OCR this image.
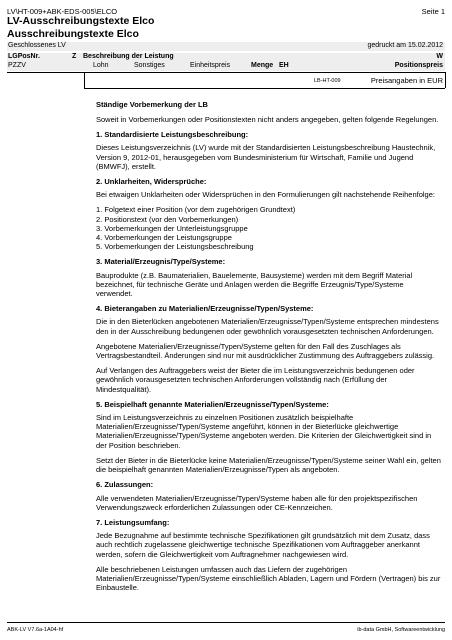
LV\HT-009+ABK-EDS-005\ELCO	Seite 1
LV-Ausschreibungstexte Elco
Ausschreibungstexte Elco
Geschlossenes LV	gedruckt am 15.02.2012
LGPosNr.	Z Beschreibung der Leistung	W
PZZV	Lohn	Sonstiges	Einheitspreis	Menge EH	Positionspreis
LB-HT-009	Preisangaben in EUR
Ständige Vorbemerkung der LB
Soweit in Vorbemerkungen oder Positionstexten nicht anders angegeben, gelten folgende Regelungen.
1. Standardisierte Leistungsbeschreibung:
Dieses Leistungsverzeichnis (LV) wurde mit der Standardisierten Leistungsbeschreibung Haustechnik, Version 9, 2012-01, herausgegeben vom Bundesministerium für Wirtschaft, Familie und Jugend (BMWFJ), erstellt.
2. Unklarheiten, Widersprüche:
Bei etwaigen Unklarheiten oder Widersprüchen in den Formulierungen gilt nachstehende Reihenfolge:
1. Folgetext einer Position (vor dem zugehörigen Grundtext)
2. Positionstext (vor den Vorbemerkungen)
3. Vorbemerkungen der Unterleistungsgruppe
4. Vorbemerkungen der Leistungsgruppe
5. Vorbemerkungen der Leistungsbeschreibung
3. Material/Erzeugnis/Type/Systeme:
Bauprodukte (z.B. Baumaterialien, Bauelemente, Bausysteme) werden mit dem Begriff Material bezeichnet, für technische Geräte und Anlagen werden die Begriffe Erzeugnis/Type/Systeme verwendet.
4. Bieterangaben zu Materialien/Erzeugnisse/Typen/Systeme:
Die in den Bieterlücken angebotenen Materialien/Erzeugnisse/Typen/Systeme entsprechen mindestens den in der Ausschreibung bedungenen oder gewöhnlich vorausgesetzten technischen Anforderungen.
Angebotene Materialien/Erzeugnisse/Typen/Systeme gelten für den Fall des Zuschlages als Vertragsbestandteil. Änderungen sind nur mit ausdrücklicher Zustimmung des Auftraggebers zulässig.
Auf Verlangen des Auftraggebers weist der Bieter die im Leistungsverzeichnis bedungenen oder gewöhnlich vorausgesetzten technischen Anforderungen vollständig nach (Erfüllung der Mindestqualität).
5. Beispielhaft genannte Materialien/Erzeugnisse/Typen/Systeme:
Sind im Leistungsverzeichnis zu einzelnen Positionen zusätzlich beispielhafte Materialien/Erzeugnisse/Typen/Systeme angeführt, können in der Bieterlücke gleichwertige Materialien/Erzeugnisse/Typen/Systeme angeboten werden. Die Kriterien der Gleichwertigkeit sind in der Position beschrieben.
Setzt der Bieter in die Bieterlücke keine Materialien/Erzeugnisse/Typen/Systeme seiner Wahl ein, gelten die beispielhaft genannten Materialien/Erzeugnisse/Typen als angeboten.
6. Zulassungen:
Alle verwendeten Materialien/Erzeugnisse/Typen/Systeme haben alle für den projektspezifischen Verwendungszweck erforderlichen Zulassungen oder CE-Kennzeichen.
7. Leistungsumfang:
Jede Bezugnahme auf bestimmte technische Spezifikationen gilt grundsätzlich mit dem Zusatz, dass auch rechtlich zugelassene gleichwertige technische Spezifikationen vom Auftraggeber anerkannt werden, sofern die Gleichwertigkeit vom Auftragnehmer nachgewiesen wird.
Alle beschriebenen Leistungen umfassen auch das Liefern der zugehörigen Materialien/Erzeugnisse/Typen/Systeme einschließlich Abladen, Lagern und Fördern (Vertragen) bis zur Einbaustelle.
ABK-LV V7.6a-1A04-hf	ib-data GmbH, Softwareentwicklung
